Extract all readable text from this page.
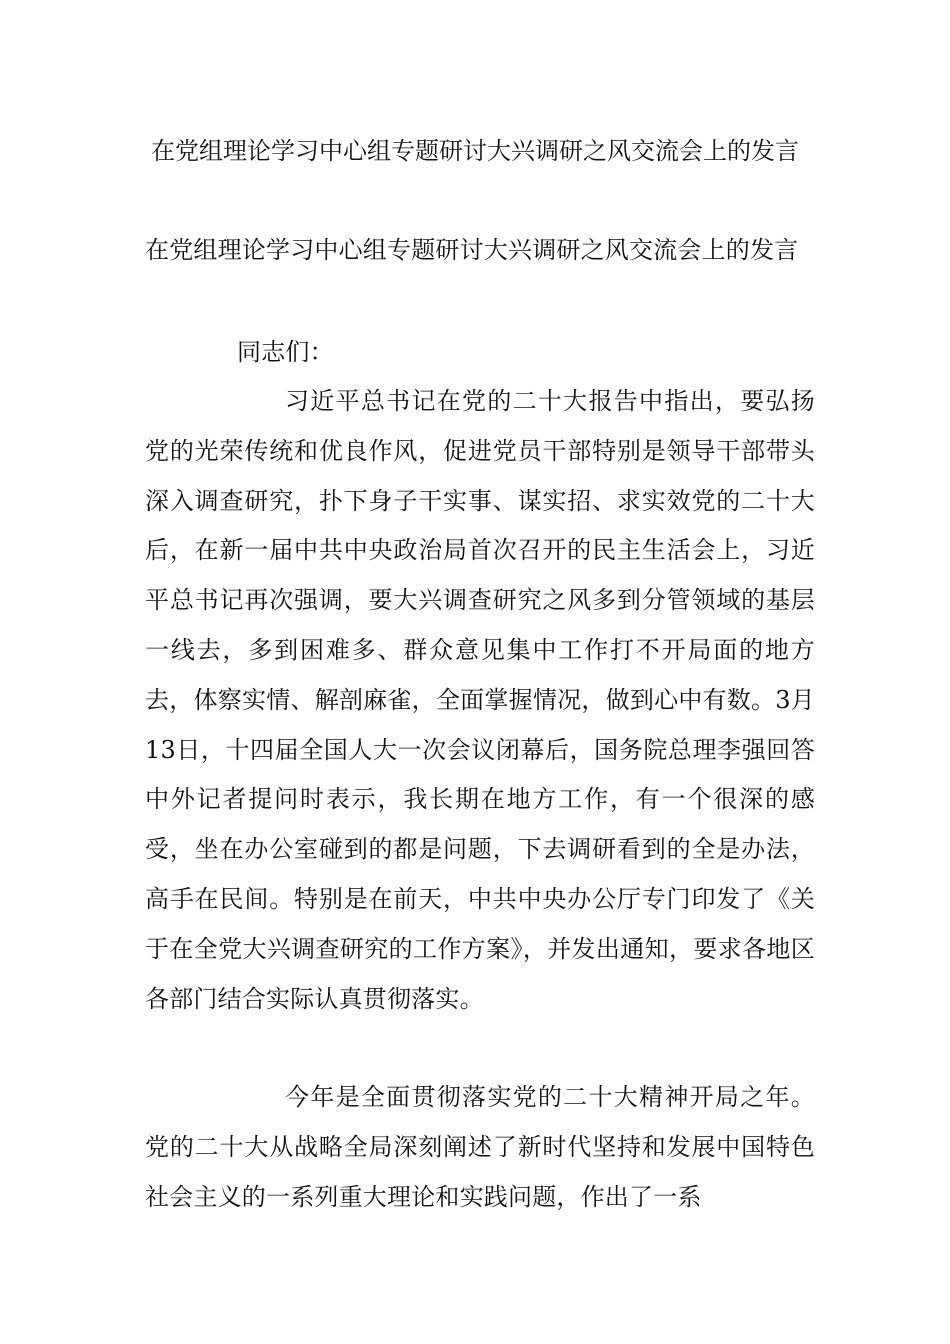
在党组理论学习中心组专题研讨大兴调研之风交流会上的发言
在党组理论学习中心组专题研讨大兴调研之风交流会上的发言
同志们：
习近平总书记在党的二十大报告中指出，要弘扬党的光荣传统和优良作风，促进党员干部特别是领导干部带头深入调查研究，扑下身子干实事、谋实招、求实效党的二十大后，在新一届中共中央政治局首次召开的民主生活会上，习近平总书记再次强调，要大兴调查研究之风多到分管领域的基层一线去，多到困难多、群众意见集中工作打不开局面的地方去，体察实情、解剖麻雀，全面掌握情况，做到心中有数。3月13日，十四届全国人大一次会议闭幕后，国务院总理李强回答中外记者提问时表示，我长期在地方工作，有一个很深的感受，坐在办公室碰到的都是问题，下去调研看到的全是办法，高手在民间。特别是在前天，中共中央办公厅专门印发了《关于在全党大兴调查研究的工作方案》，并发出通知，要求各地区各部门结合实际认真贯彻落实。
今年是全面贯彻落实党的二十大精神开局之年。党的二十大从战略全局深刻阐述了新时代坚持和发展中国特色社会主义的一系列重大理论和实践问题，作出了一系
